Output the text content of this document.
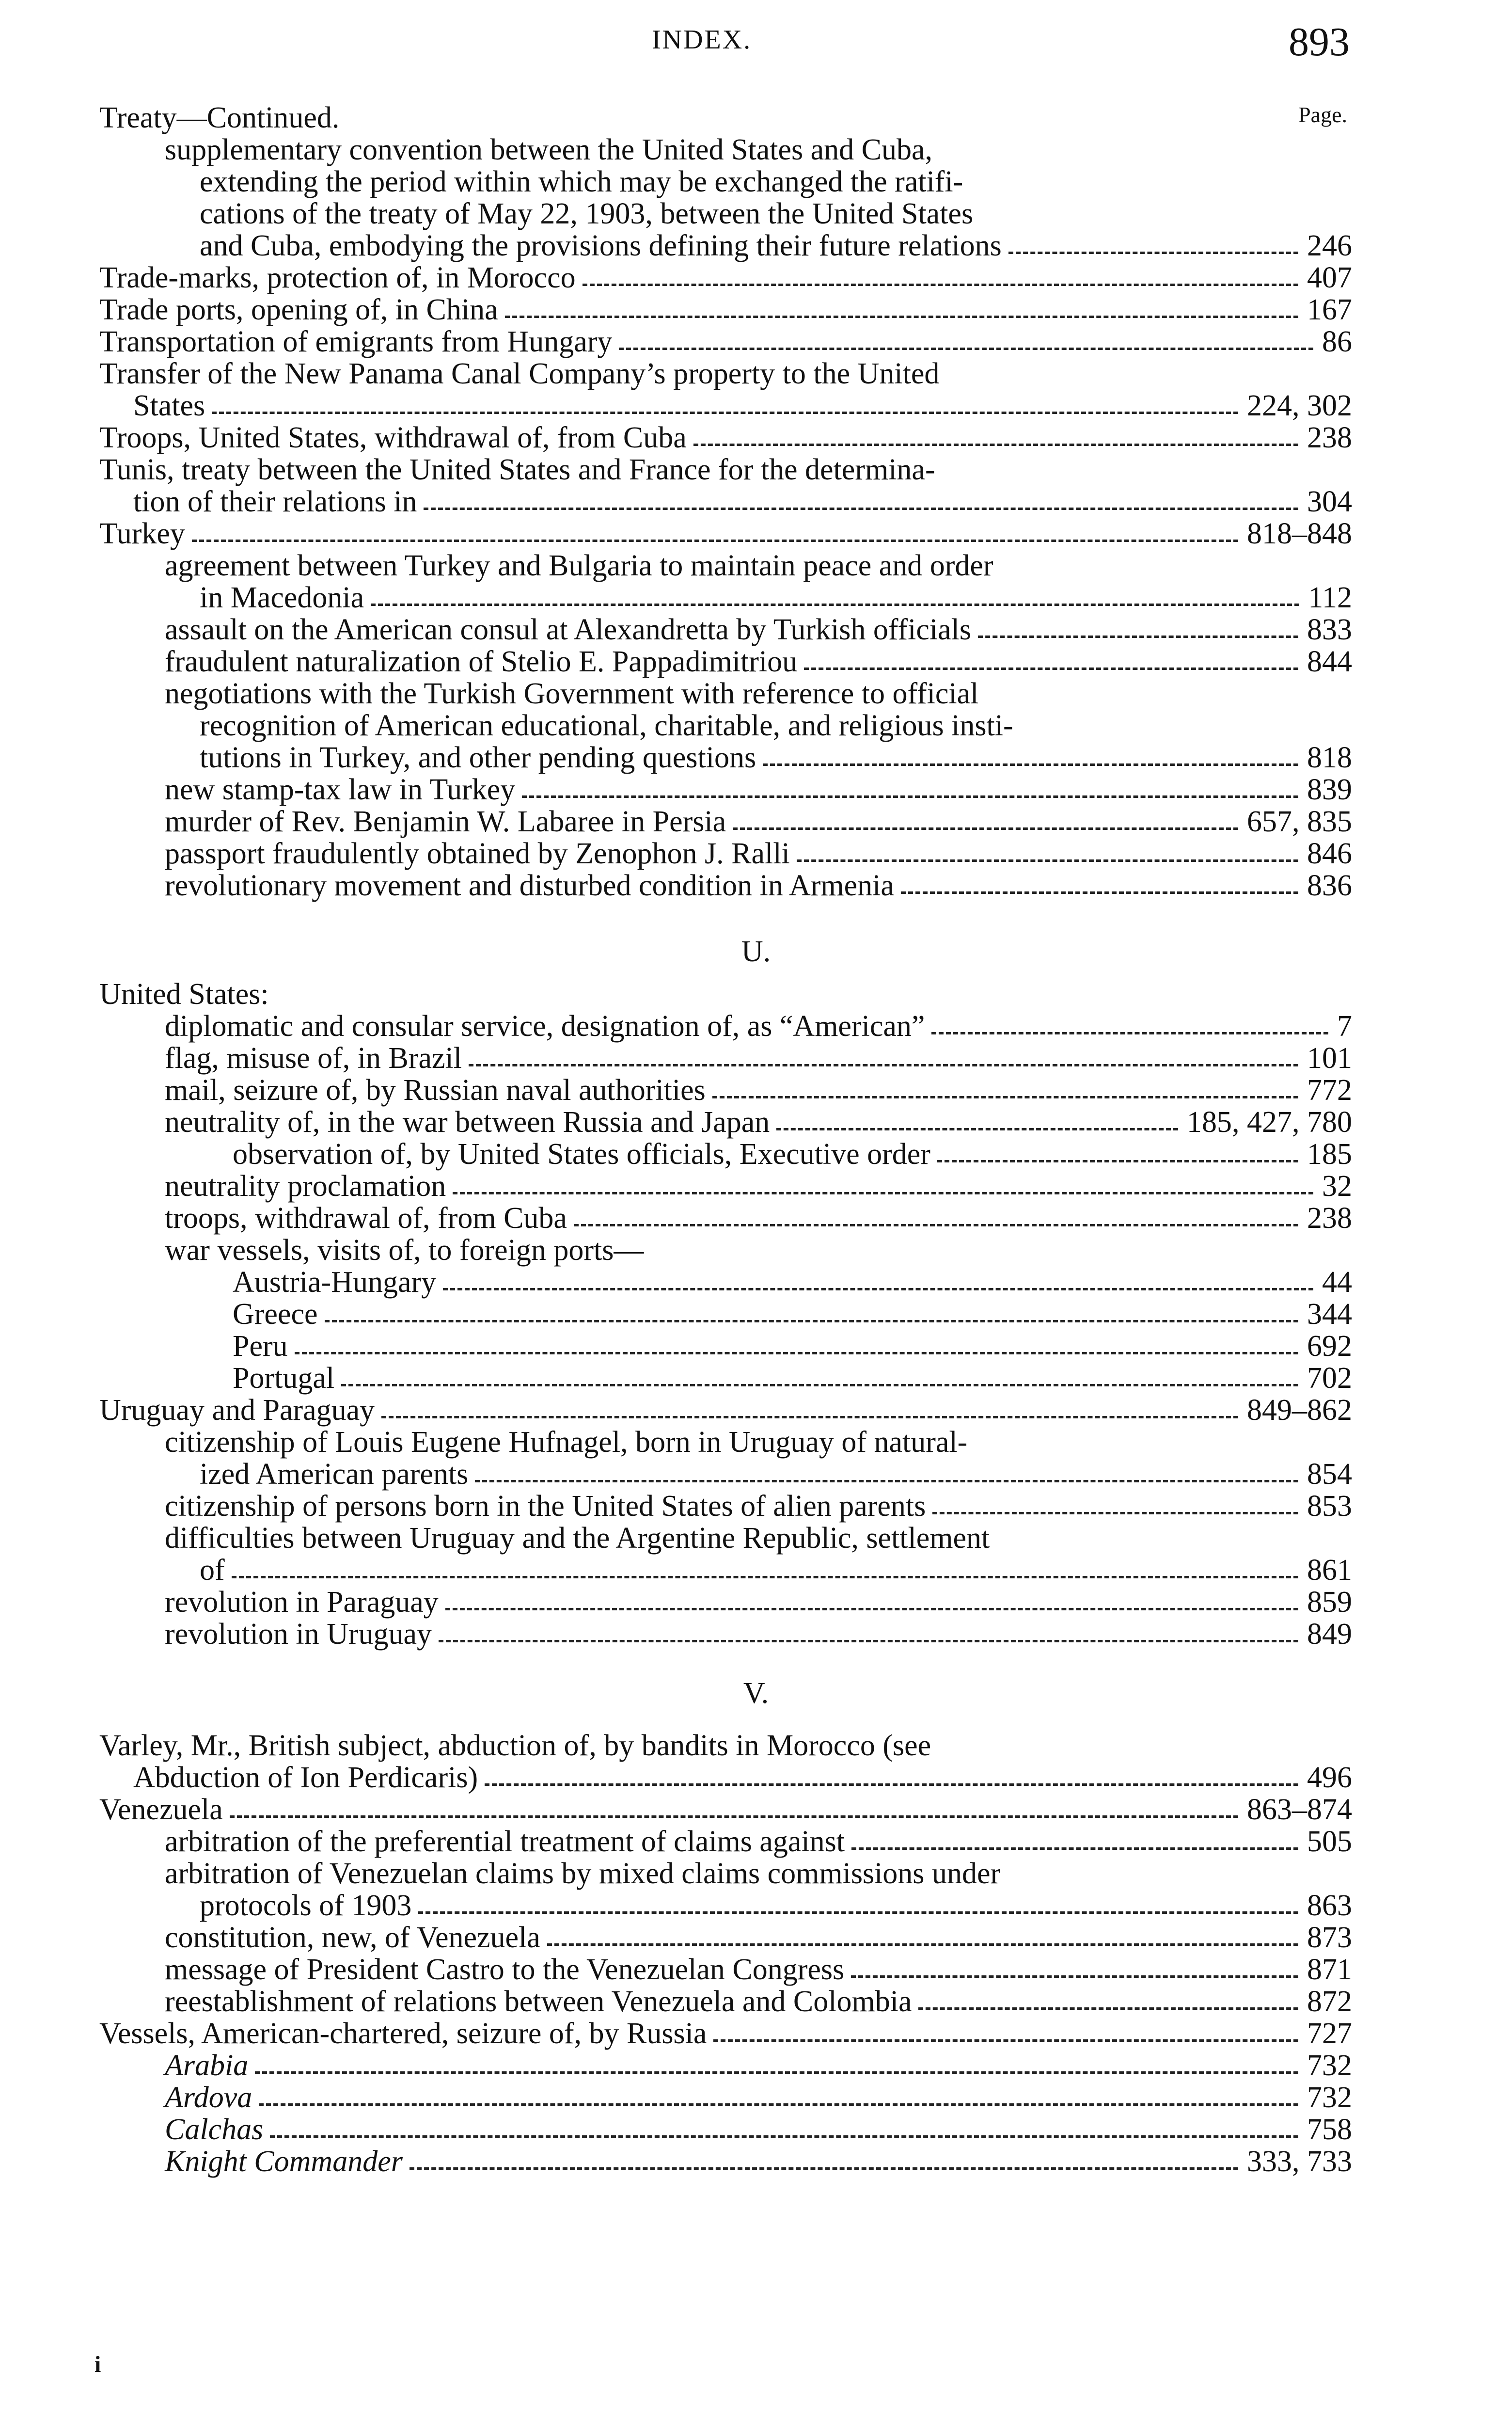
INDEX.	893
Page.
Treaty—Continued.
supplementary convention between the United States and Cuba,
extending the period within which may be exchanged the ratifi-
cations of the treaty of May 22, 1903, between the United States
and Cuba, embodying the provisions defining their future relations	246
Trade-marks, protection of, in Morocco	407
Trade ports, opening of, in China	167
Transportation of emigrants from Hungary	86
Transfer of the New Panama Canal Company’s property to the United
States	224, 302
Troops, United States, withdrawal of, from Cuba	238
Tunis, treaty between the United States and France for the determina-
tion of their relations in	304
Turkey	818–848
agreement between Turkey and Bulgaria to maintain peace and order
in Macedonia	112
assault on the American consul at Alexandretta by Turkish officials	833
fraudulent naturalization of Stelio E. Pappadimitriou	844
negotiations with the Turkish Government with reference to official
recognition of American educational, charitable, and religious insti-
tutions in Turkey, and other pending questions	818
new stamp-tax law in Turkey	839
murder of Rev. Benjamin W. Labaree in Persia	657, 835
passport fraudulently obtained by Zenophon J. Ralli	846
revolutionary movement and disturbed condition in Armenia	836
U.
United States:
diplomatic and consular service, designation of, as “American”	7
flag, misuse of, in Brazil	101
mail, seizure of, by Russian naval authorities	772
neutrality of, in the war between Russia and Japan	185, 427, 780
observation of, by United States officials, Executive order	185
neutrality proclamation	32
troops, withdrawal of, from Cuba	238
war vessels, visits of, to foreign ports—
Austria-Hungary	44
Greece	344
Peru	692
Portugal	702
Uruguay and Paraguay	849–862
citizenship of Louis Eugene Hufnagel, born in Uruguay of natural-
ized American parents	854
citizenship of persons born in the United States of alien parents	853
difficulties between Uruguay and the Argentine Republic, settlement
of	861
revolution in Paraguay	859
revolution in Uruguay	849
V.
Varley, Mr., British subject, abduction of, by bandits in Morocco (see
Abduction of Ion Perdicaris)	496
Venezuela	863–874
arbitration of the preferential treatment of claims against	505
arbitration of Venezuelan claims by mixed claims commissions under
protocols of 1903	863
constitution, new, of Venezuela	873
message of President Castro to the Venezuelan Congress	871
reestablishment of relations between Venezuela and Colombia	872
Vessels, American-chartered, seizure of, by Russia	727
Arabia	732
Ardova	732
Calchas	758
Knight Commander	333, 733
i
